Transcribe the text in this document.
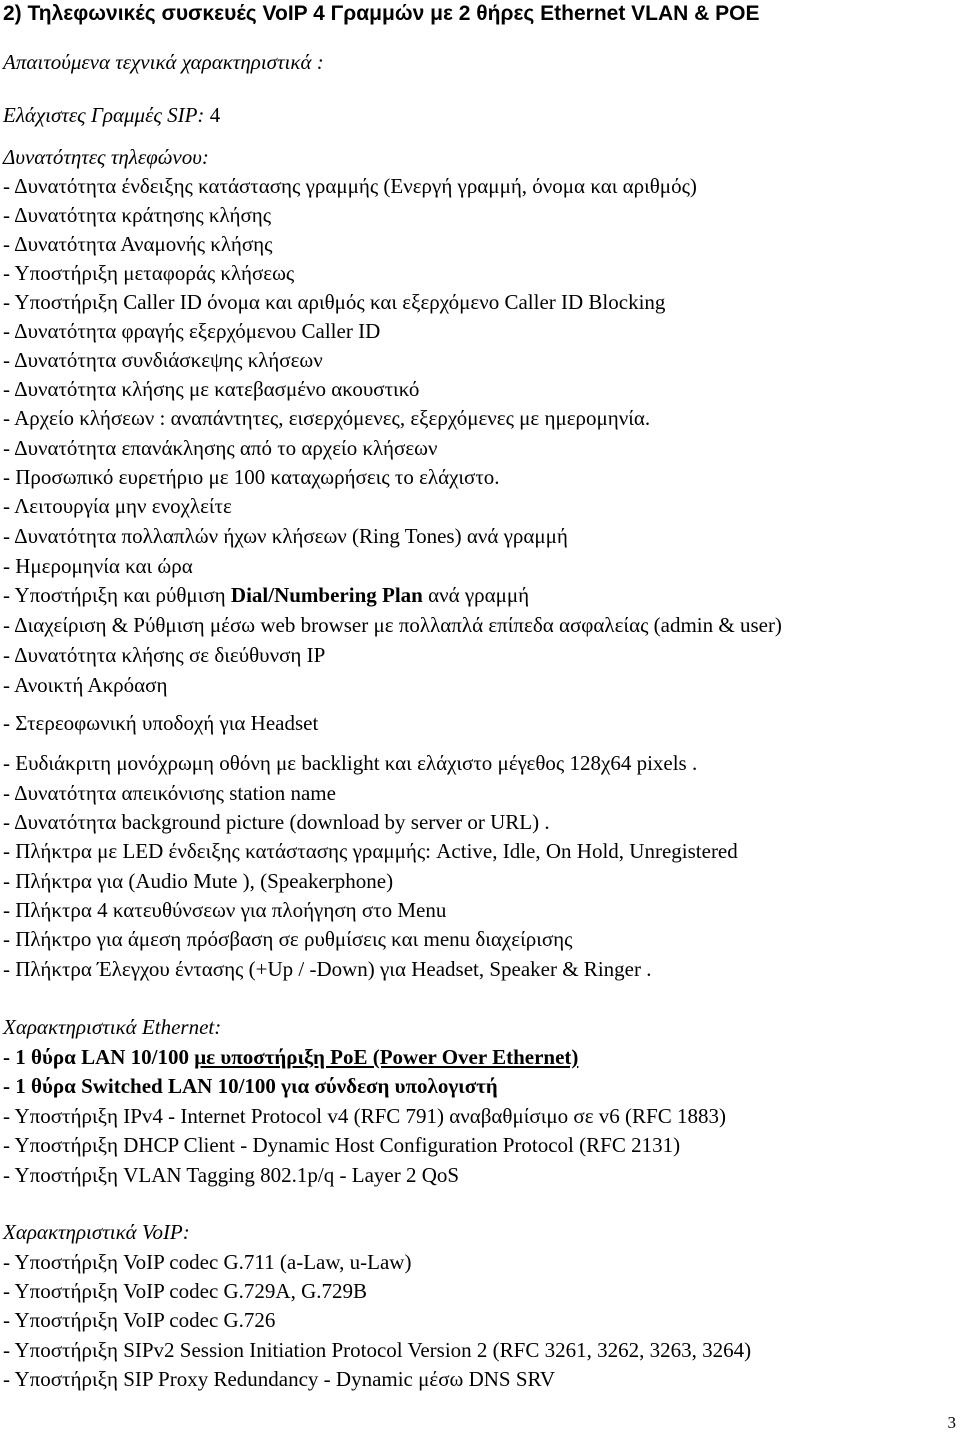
2) Τηλεφωνικές συσκευές VoIP 4 Γραμμών με 2 θήρες Ethernet VLAN & POE
Απαιτούμενα τεχνικά χαρακτηριστικά :
Ελάχιστες Γραμμές SIP: 4
Δυνατότητες τηλεφώνου:
- Δυνατότητα ένδειξης κατάστασης γραμμής (Ενεργή γραμμή, όνομα και αριθμός)
- Δυνατότητα κράτησης κλήσης
- Δυνατότητα Αναμονής κλήσης
- Υποστήριξη μεταφοράς κλήσεως
- Υποστήριξη Caller ID όνομα και αριθμός και εξερχόμενο Caller ID Blocking
- Δυνατότητα φραγής εξερχόμενου Caller ID
- Δυνατότητα συνδιάσκεψης κλήσεων
- Δυνατότητα κλήσης με κατεβασμένο ακουστικό
- Αρχείο κλήσεων : αναπάντητες, εισερχόμενες, εξερχόμενες με ημερομηνία.
- Δυνατότητα επανάκλησης από το αρχείο κλήσεων
- Προσωπικό ευρετήριο με 100 καταχωρήσεις το ελάχιστο.
- Λειτουργία μην ενοχλείτε
- Δυνατότητα πολλαπλών ήχων κλήσεων (Ring Tones) ανά γραμμή
- Ημερομηνία και ώρα
- Υποστήριξη και ρύθμιση Dial/Numbering Plan ανά γραμμή
- Διαχείριση & Ρύθμιση μέσω web browser με πολλαπλά επίπεδα ασφαλείας (admin & user)
- Δυνατότητα κλήσης σε διεύθυνση IP
- Ανοικτή Ακρόαση
- Στερεοφωνική υποδοχή για Headset
- Ευδιάκριτη μονόχρωμη οθόνη με backlight και ελάχιστο μέγεθος 128χ64 pixels .
- Δυνατότητα απεικόνισης station name
- Δυνατότητα background picture (download by server or URL) .
- Πλήκτρα με LED ένδειξης κατάστασης γραμμής: Active, Idle, On Hold, Unregistered
- Πλήκτρα για (Audio Mute ), (Speakerphone)
- Πλήκτρα 4 κατευθύνσεων για πλοήγηση στο Menu
- Πλήκτρο για άμεση πρόσβαση σε ρυθμίσεις και menu διαχείρισης
- Πλήκτρα Έλεγχου έντασης (+Up / -Down) για Headset, Speaker & Ringer .
Χαρακτηριστικά Ethernet:
- 1 θύρα LAN 10/100 με υποστήριξη PoE (Power Over Ethernet)
- 1 θύρα Switched LAN 10/100 για σύνδεση υπολογιστή
- Υποστήριξη IPv4 - Internet Protocol v4 (RFC 791) αναβαθμίσιμο σε v6 (RFC 1883)
- Υποστήριξη DHCP Client - Dynamic Host Configuration Protocol (RFC 2131)
- Υποστήριξη VLAN Tagging 802.1p/q - Layer 2 QoS
Χαρακτηριστικά VoIP:
- Υποστήριξη VoIP codec G.711 (a-Law, u-Law)
- Υποστήριξη VoIP codec G.729A, G.729B
- Υποστήριξη VoIP codec G.726
- Υποστήριξη SIPv2 Session Initiation Protocol Version 2 (RFC 3261, 3262, 3263, 3264)
- Υποστήριξη SIP Proxy Redundancy - Dynamic μέσω DNS SRV
3
